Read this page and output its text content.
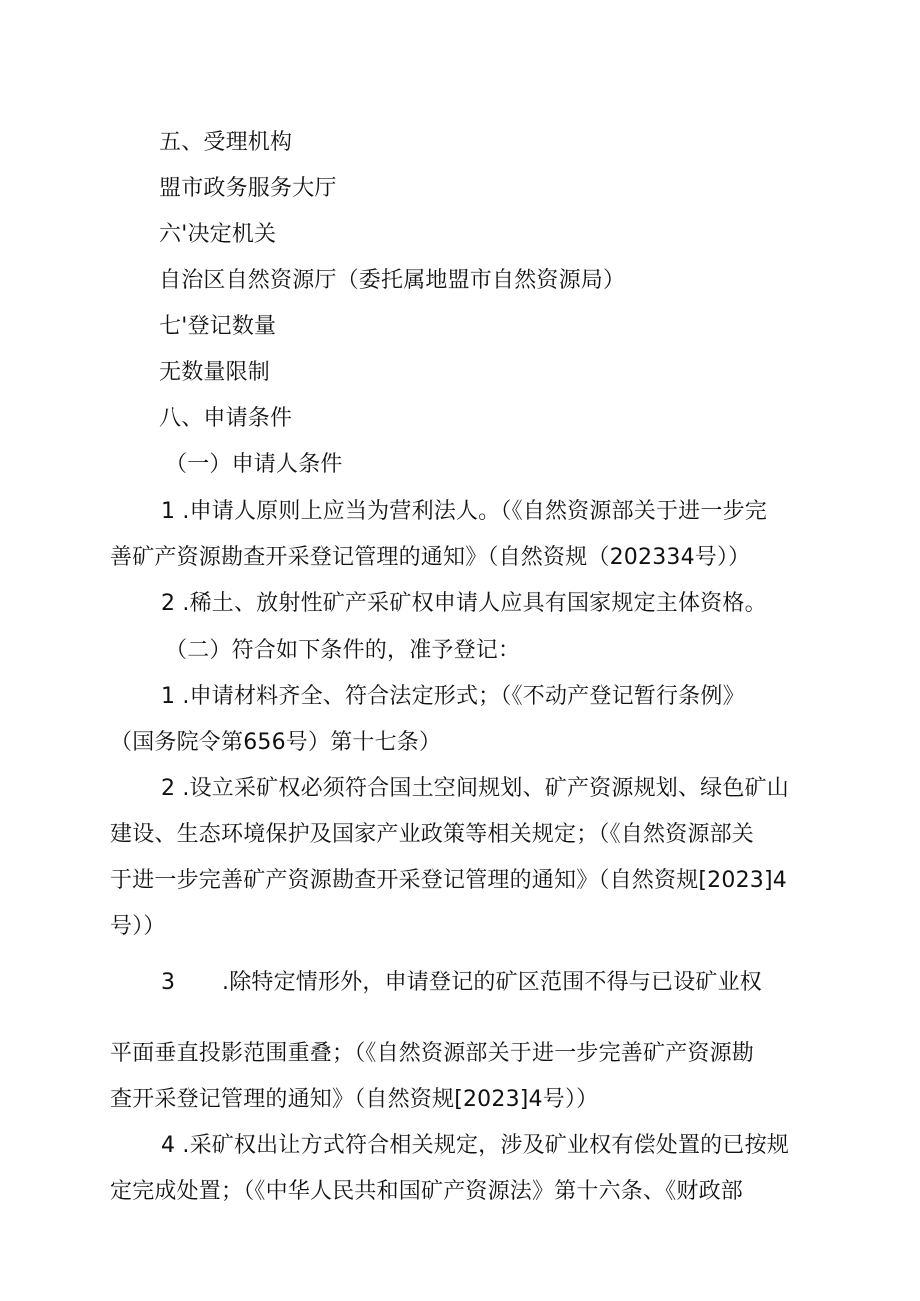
五、受理机构
盟市政务服务大厅
六'决定机关
自治区自然资源厅（委托属地盟市自然资源局）
七'登记数量
无数量限制
八、申请条件
（一）申请人条件
1 .申请人原则上应当为营利法人。（《自然资源部关于进一步完
善矿产资源勘查开采登记管理的通知》（自然资规（202334号））
2 .稀土、放射性矿产采矿权申请人应具有国家规定主体资格。
（二）符合如下条件的，准予登记：
1 .申请材料齐全、符合法定形式；（《不动产登记暂行条例》
（国务院令第656号）第十七条）
2 .设立采矿权必须符合国土空间规划、矿产资源规划、绿色矿山
建设、生态环境保护及国家产业政策等相关规定；（《自然资源部关
于进一步完善矿产资源勘查开采登记管理的通知》（自然资规[2023]4
号））
3 .除特定情形外，申请登记的矿区范围不得与已设矿业权
平面垂直投影范围重叠；（《自然资源部关于进一步完善矿产资源勘
查开采登记管理的通知》（自然资规[2023]4号））
4 .采矿权出让方式符合相关规定，涉及矿业权有偿处置的已按规
定完成处置；（《中华人民共和国矿产资源法》第十六条、《财政部
